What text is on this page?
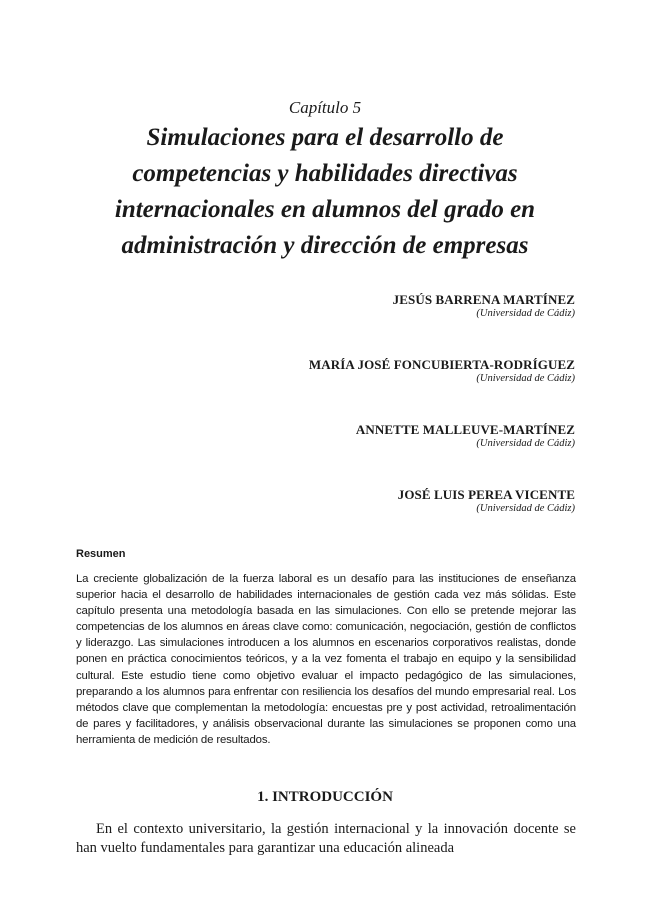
Capítulo 5
Simulaciones para el desarrollo de competencias y habilidades directivas internacionales en alumnos del grado en administración y dirección de empresas
JESÚS BARRENA MARTÍNEZ
(Universidad de Cádiz)
MARÍA JOSÉ FONCUBIERTA-RODRÍGUEZ
(Universidad de Cádiz)
ANNETTE MALLEUVE-MARTÍNEZ
(Universidad de Cádiz)
JOSÉ LUIS PEREA VICENTE
(Universidad de Cádiz)
Resumen

La creciente globalización de la fuerza laboral es un desafío para las instituciones de enseñanza superior hacia el desarrollo de habilidades internacionales de gestión cada vez más sólidas. Este capítulo presenta una metodología basada en las simulaciones. Con ello se pretende mejorar las competencias de los alumnos en áreas clave como: comunicación, negociación, gestión de conflictos y liderazgo. Las simulaciones introducen a los alumnos en escenarios corporativos realistas, donde ponen en práctica conocimientos teóricos, y a la vez fomenta el trabajo en equipo y la sensibilidad cultural. Este estudio tiene como objetivo evaluar el impacto pedagógico de las simulaciones, preparando a los alumnos para enfrentar con resiliencia los desafíos del mundo empresarial real. Los métodos clave que complementan la metodología: encuestas pre y post actividad, retroalimentación de pares y facilitadores, y análisis observacional durante las simulaciones se proponen como una herramienta de medición de resultados.

1. INTRODUCCIÓN

En el contexto universitario, la gestión internacional y la innovación docente se han vuelto fundamentales para garantizar una educación alineada
